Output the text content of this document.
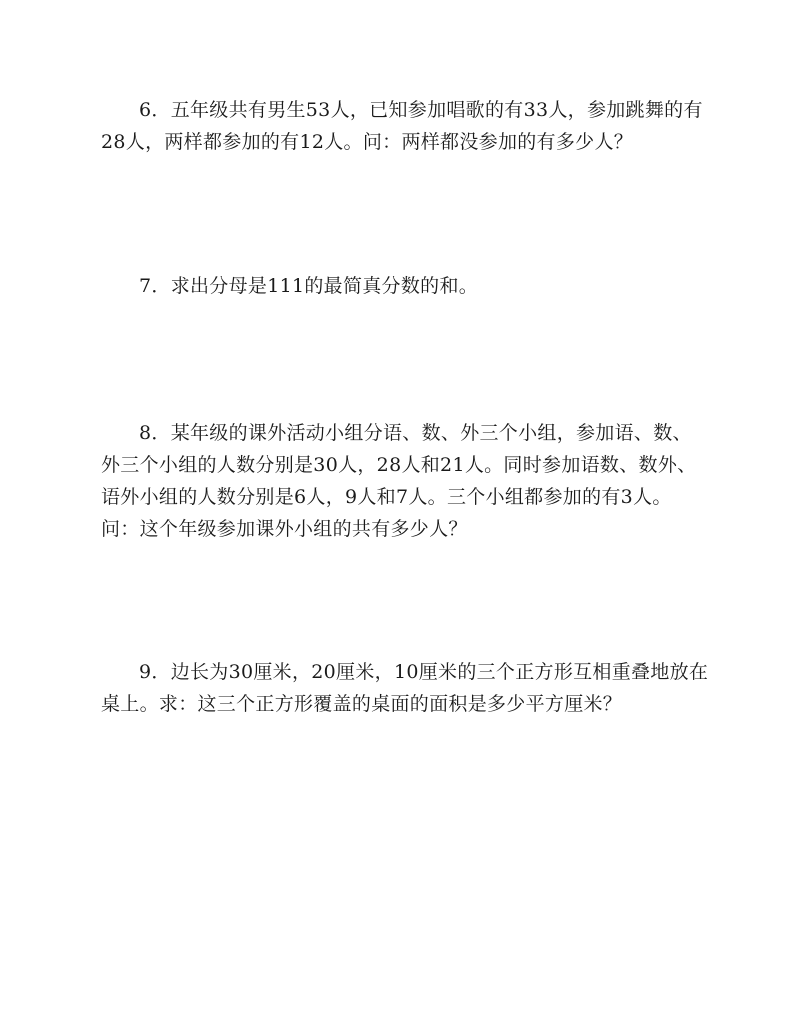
6．五年级共有男生53人，已知参加唱歌的有33人，参加跳舞的有
28人，两样都参加的有12人。问：两样都没参加的有多少人？
7．求出分母是111的最简真分数的和。
8．某年级的课外活动小组分语、数、外三个小组，参加语、数、
外三个小组的人数分别是30人，28人和21人。同时参加语数、数外、
语外小组的人数分别是6人，9人和7人。三个小组都参加的有3人。
问：这个年级参加课外小组的共有多少人？
9．边长为30厘米，20厘米，10厘米的三个正方形互相重叠地放在
桌上。求：这三个正方形覆盖的桌面的面积是多少平方厘米？
